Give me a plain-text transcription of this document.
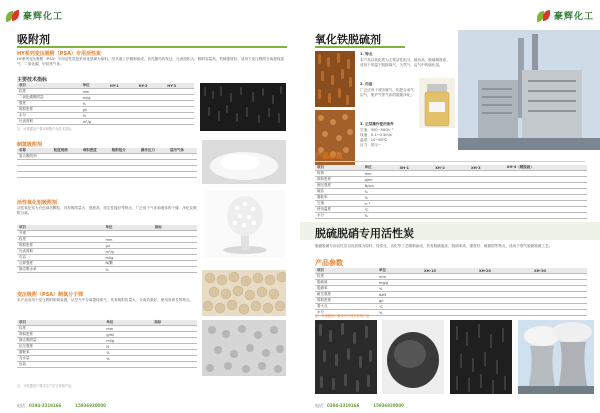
豪辉化工
吸附剂
HY系列变压吸附（PSA）专用活性炭
HY系列变压吸附（PSA）专用活性炭是采用优质煤为原料，经多道工序精制而成，其孔隙结构发达、比表面积大、吸附容量高、机械强度好。适用于变压吸附分离提纯氢气、二氧化碳、甲烷等气体。
主要技术指标
项目	单位	HY-1	HY-2	HY-3
粒度	mm			
二氧化碳吸附量	ml/g			
强度	%			
堆积密度	g/l			
水分	%			
比表面积	m²/g			
注：可根据用户要求调整产品技术指标。
制氢吸附剂
名称	粒度规格	堆积密度	吸附组分	操作压力	适用气体
复合吸附剂					

活性氧化铝吸附剂
活性氧化铝为白色球状颗粒，具有吸附量大、强度高、再生性能好等特点，广泛用于气体和液体的干燥、净化及吸附分离。
项目	单位	指标
外观		
粒度	mm	
堆积密度	g/l	
比表面积	m²/g	
孔容	ml/g	
压碎强度	N/颗	
静态吸水率	%	
变压吸附（PSA）制氧分子筛
本产品适用于变压吸附制氧装置，从空气中分离提纯氧气，具有吸附容量大、分离效果好、使用寿命长等特点。
项目	单位	指标
粒度	mm	
堆积密度	g/ml	
静态吸附量	ml/g	
抗压强度	N	
磨耗率	%	
含水量	%	
包装		
注：可根据用户要求生产其它规格产品。
电话：0394-3319166	15936920000
豪辉化工
氧化铁脱硫剂
1. 特点
本产品以氧化铁为主要活性组分，硫容高、脱硫精度高，适用于常温下脱除煤气、天然气、沼气中的硫化氢。
2. 用途
广泛应用于城市煤气、化肥合成气、沼气、焦炉气等气体的脱硫净化。
3. 正常操作使用条件
空速：300~500h⁻¹
线速：0.1~0.3m/s
温度：10~60℃
压力：常压~
产品参数
项目	单位	XH-1	XH-2	XH-3	XH-4（精脱硫）
规格	mm				
堆积密度	g/ml				
侧压强度	N/cm				
硫容	%				
磨耗率	%				
空速	h⁻¹				
使用温度	℃				
水分	%				
脱硫脱硝专用活性炭
脱硫脱硝专用活性炭以优质煤为原料，经炭化、活化等工艺精制而成，具有脱硫值高、脱硝率高、强度好、耐磨损等特点，适用于烟气脱硫脱硝工艺。
产品参数
项目	单位	XH-15	XH-20	XH-30
粒度	mm			
脱硫值	mg/g			
脱硝率	%			
耐压强度	daN			
堆积密度	g/l			
着火点	℃			
水分	%			
注：可根据用户要求生产其它规格产品。
电话：0394-3319166	15936920000
